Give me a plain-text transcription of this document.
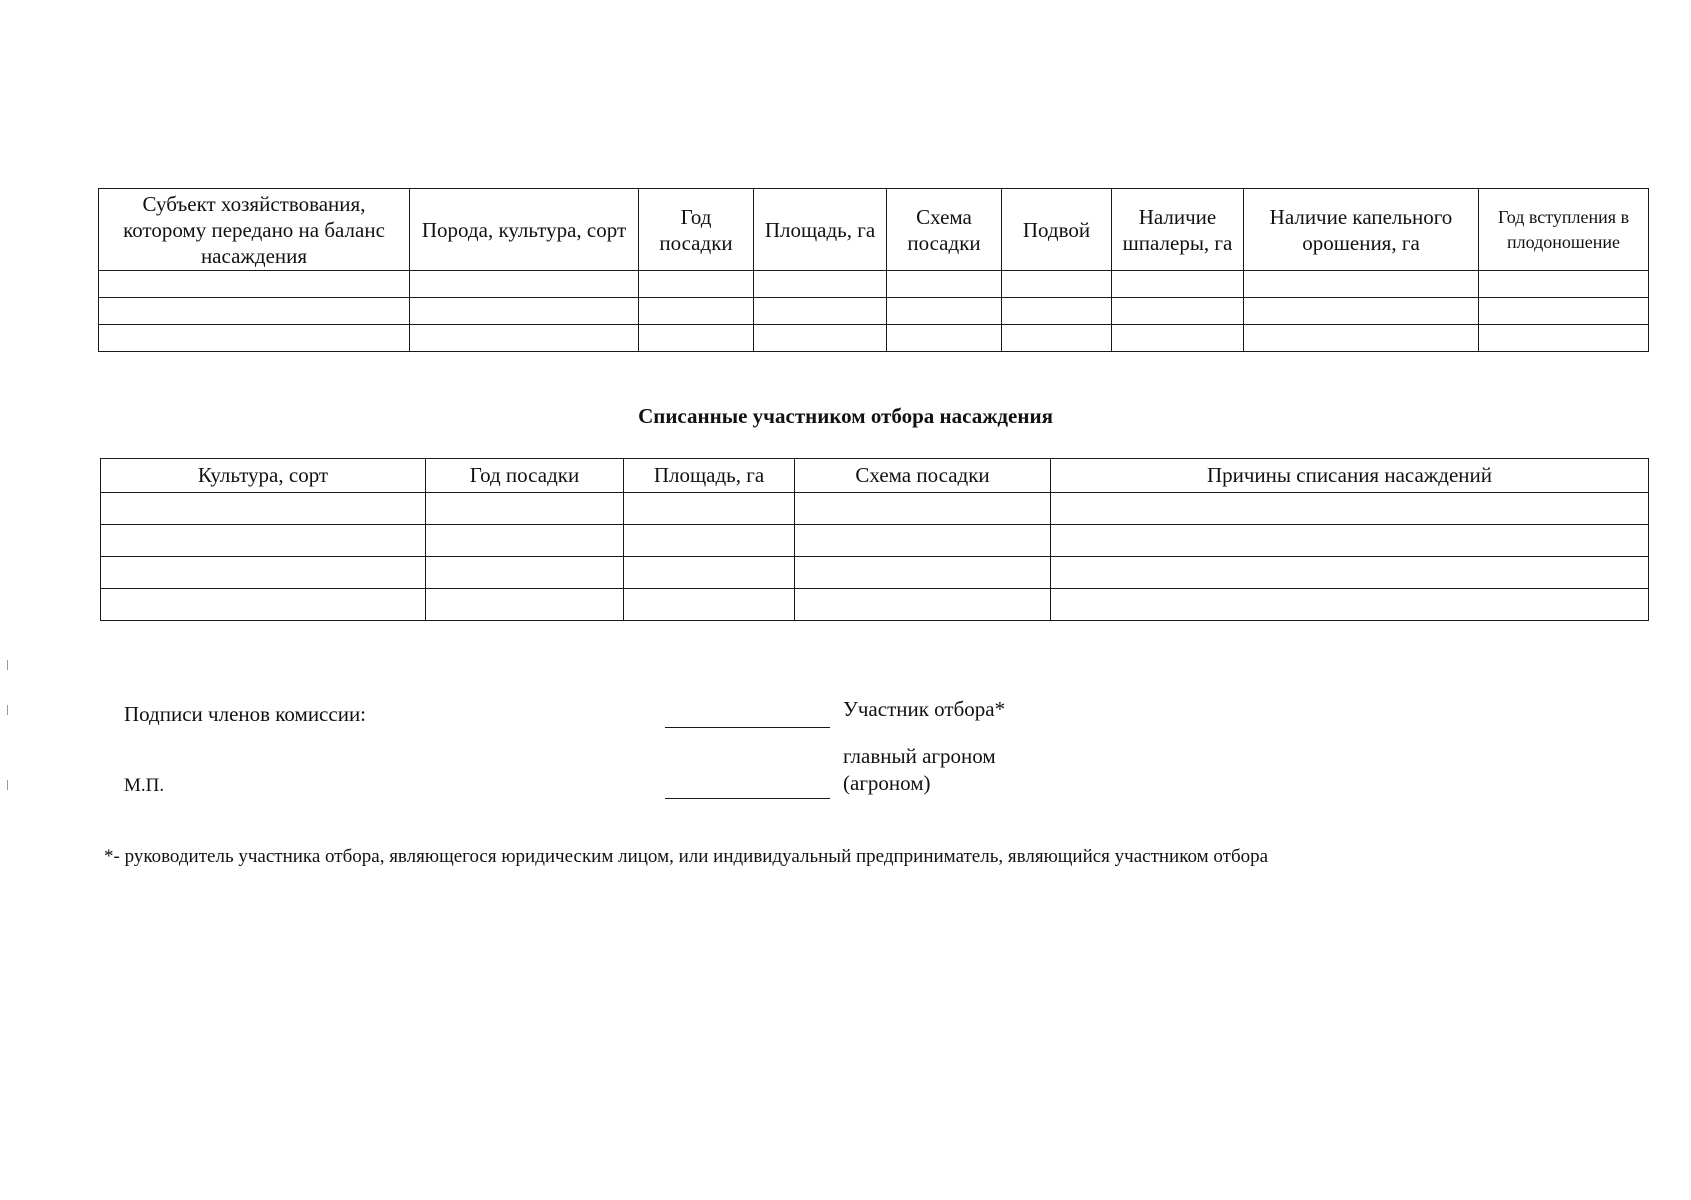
Субъект хозяйствования, которому передано на баланс насаждения	Порода, культура, сорт	Год посадки	Площадь, га	Схема посадки	Подвой	Наличие шпалеры, га	Наличие капельного орошения, га	Год вступления в плодоношение

Списанные участником отбора насаждения
Культура, сорт	Год посадки	Площадь, га	Схема посадки	Причины списания насаждений

Подписи членов комиссии:
М.П.
Участник отбора*
главный агроном
(агроном)
*- руководитель участника отбора, являющегося юридическим лицом, или индивидуальный предприниматель, являющийся участником отбора
